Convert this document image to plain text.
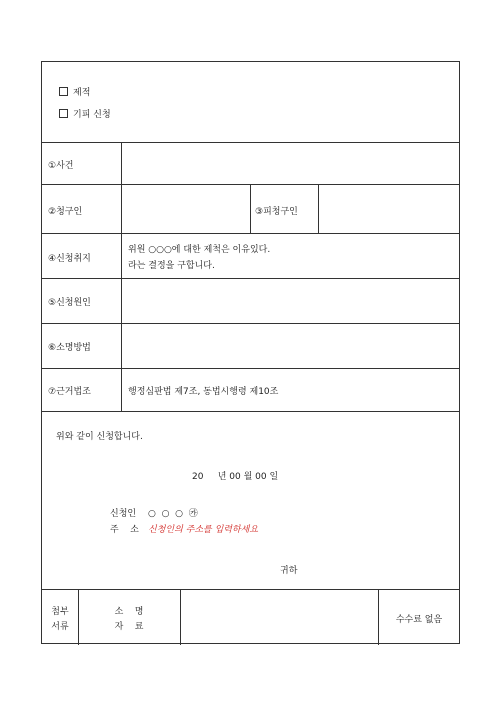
제적
기피 신청
①사건
②청구인	③피청구인
④신청취지
위원 ○○○에 대한 제척은 이유있다.
라는 결정을 구합니다.
⑤신청원인
⑥소명방법
⑦근거법조	행정심판법 제7조, 동법시행령 제10조
위와 같이 신청합니다.
20     년 00 월 00 일
신청인 ○  ○  ○  ㉮
주    소 신청인의 주소를 입력하세요
귀하
첨부
서류
소    명
자    료
수수료 없음
